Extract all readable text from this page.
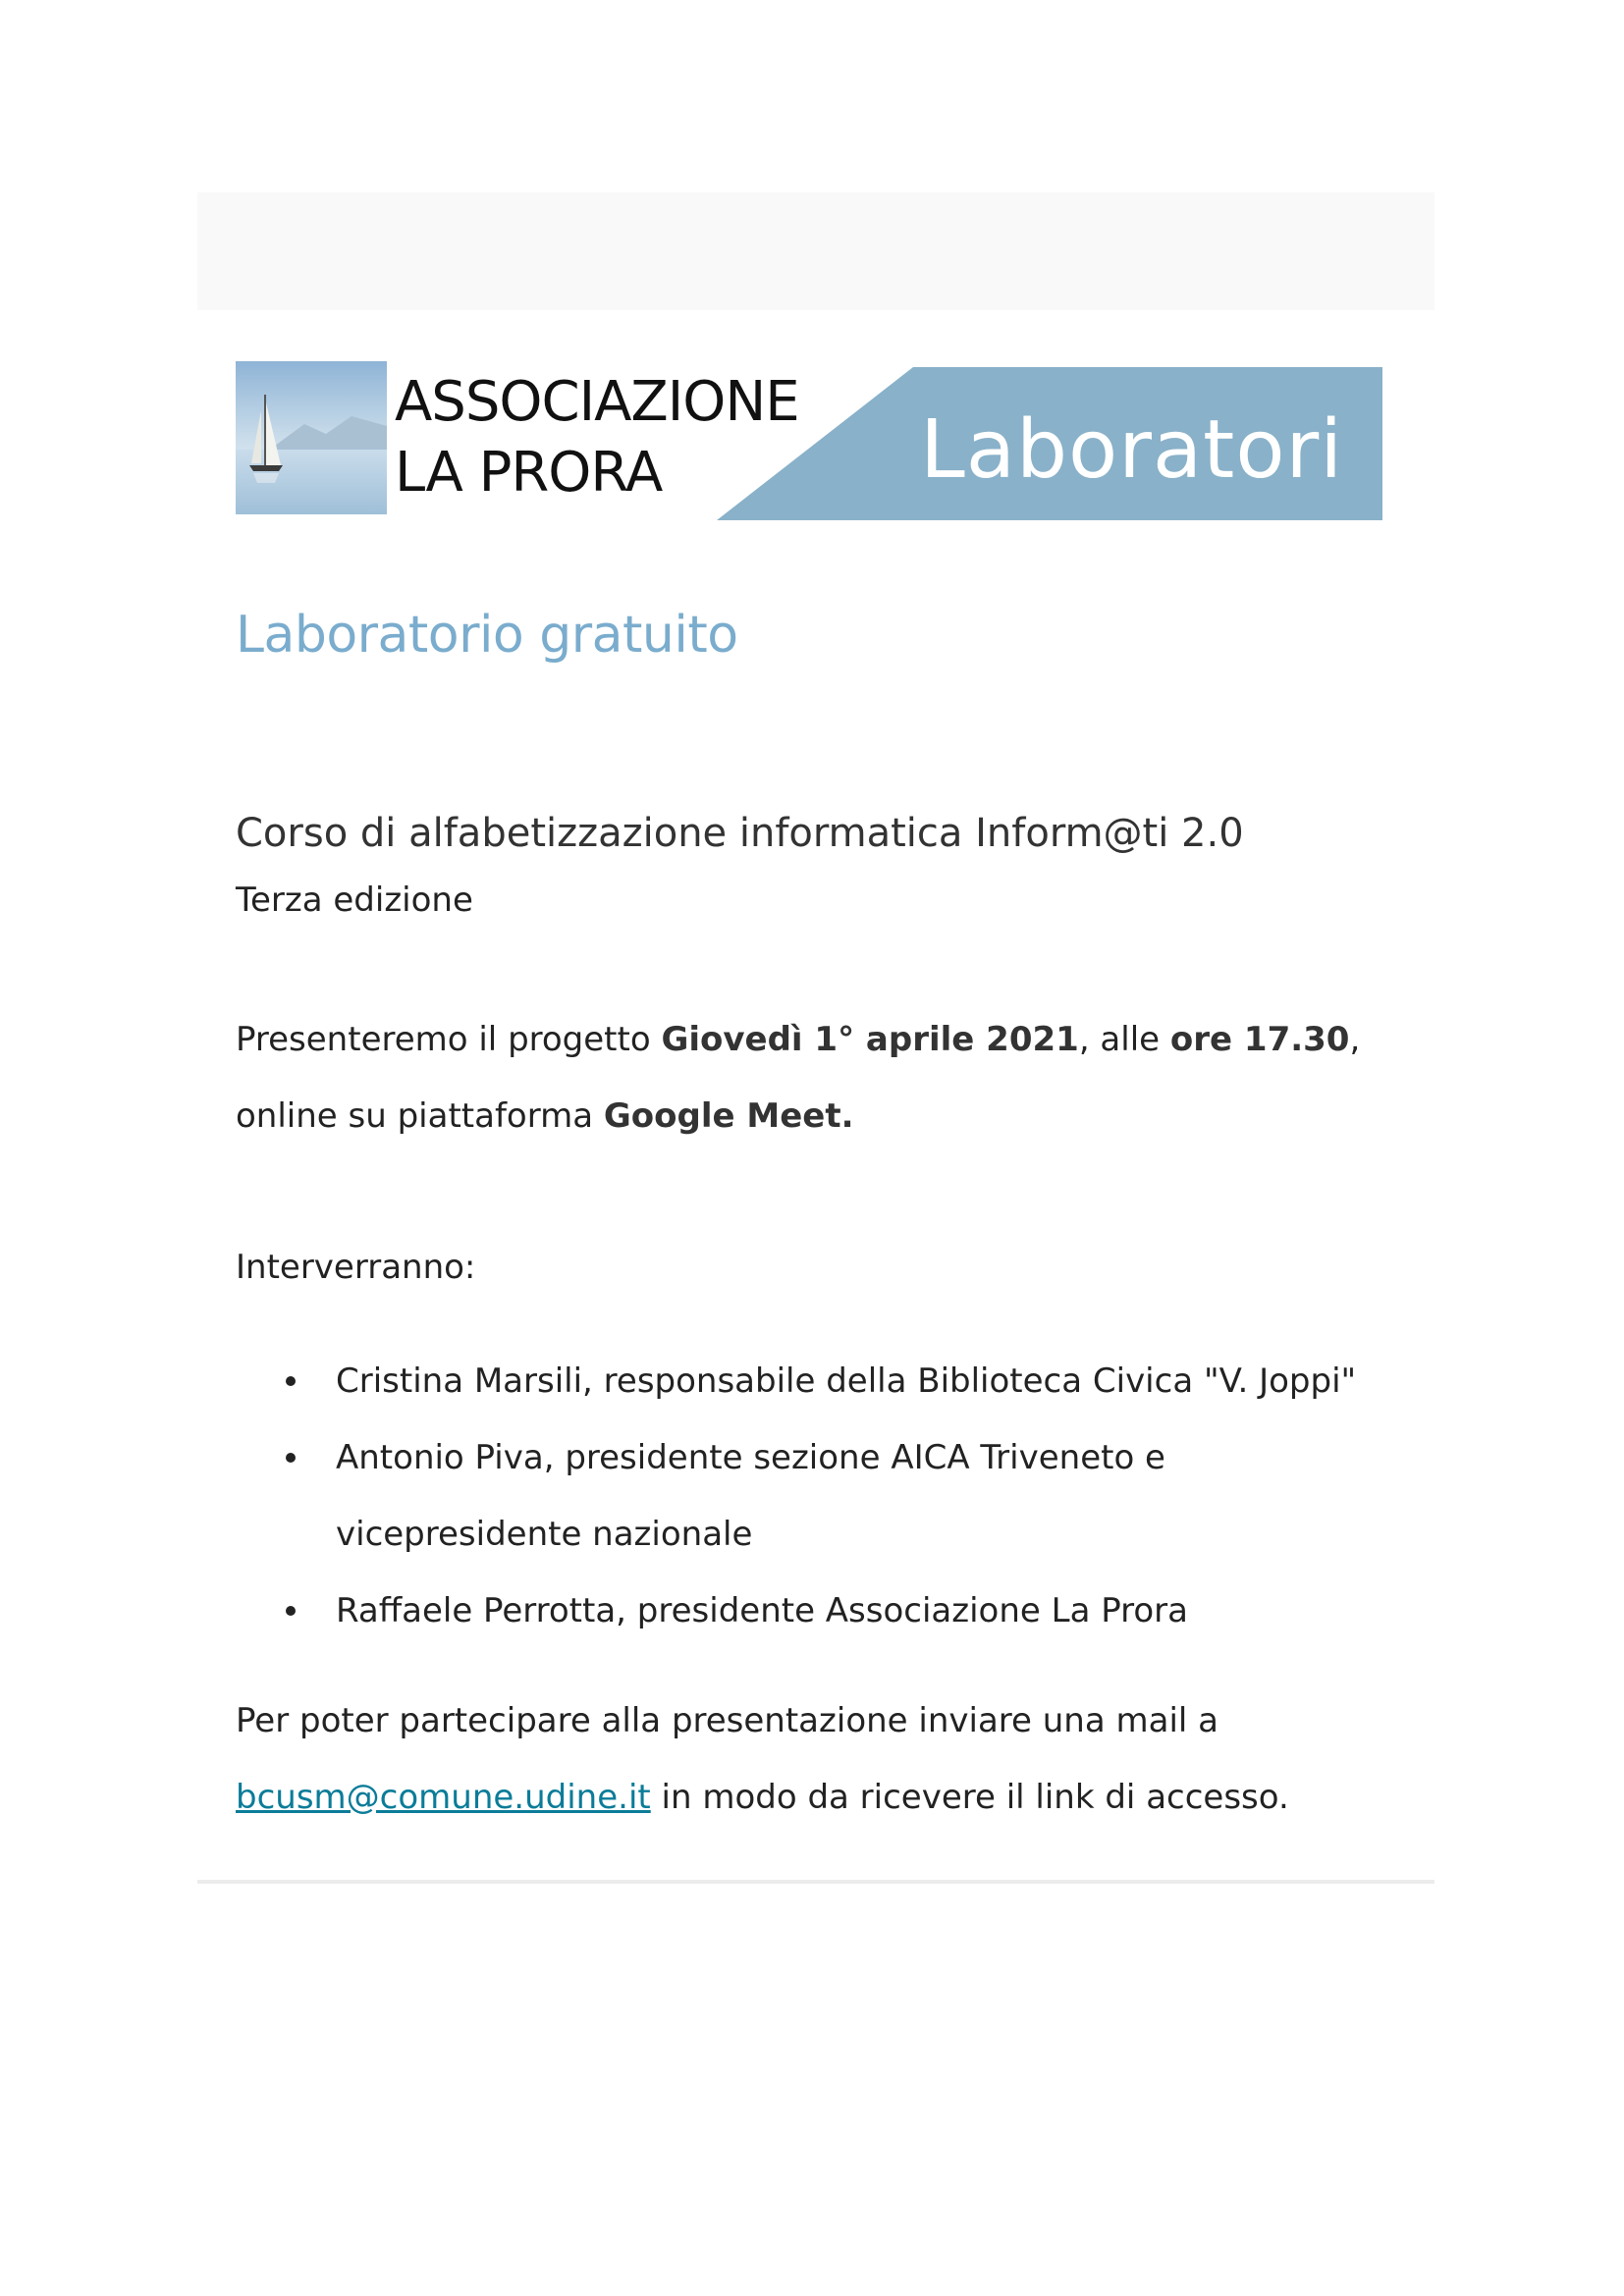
ASSOCIAZIONE
LA PRORA	Laboratori
Laboratorio gratuito
Corso di alfabetizzazione informatica Inform@ti 2.0

Terza edizione

Presenteremo il progetto Giovedì 1° aprile 2021, alle ore 17.30,
online su piattaforma Google Meet.

Interverranno:

Cristina Marsili, responsabile della Biblioteca Civica "V. Joppi"
Antonio Piva, presidente sezione AICA Triveneto e vicepresidente nazionale
Raffaele Perrotta, presidente Associazione La Prora

Per poter partecipare alla presentazione inviare una mail a
bcusm@comune.udine.it in modo da ricevere il link di accesso.
